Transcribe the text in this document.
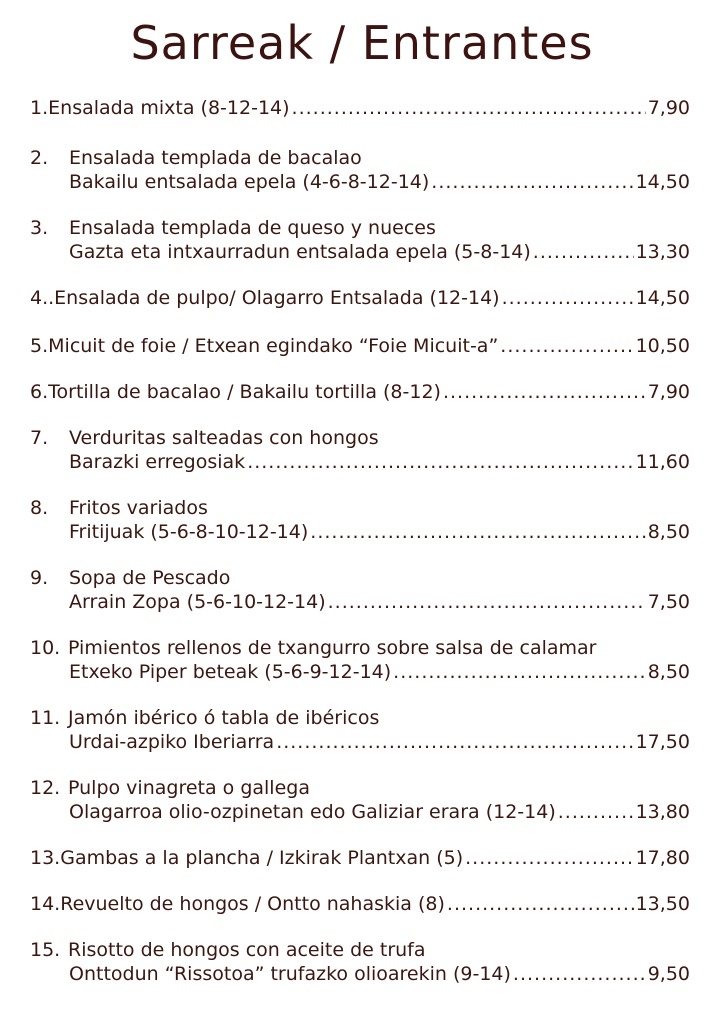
Sarreak / Entrantes
1. Ensalada mixta (8-12-14) .....	7,90
2.	Ensalada templada de bacalao
Bakailu entsalada epela (4-6-8-12-14) .....	14,50
3.	Ensalada templada de queso y nueces
Gazta eta intxaurradun entsalada epela (5-8-14) .....	13,30
4.. Ensalada de pulpo/ Olagarro Entsalada (12-14) .....	14,50
5. Micuit de foie / Etxean egindako “Foie Micuit-a” .....	10,50
6. Tortilla de bacalao / Bakailu tortilla (8-12) .....	7,90
7.	Verduritas salteadas con hongos
Barazki erregosiak .....	11,60
8.	Fritos variados
Fritijuak (5-6-8-10-12-14) .....	8,50
9.	Sopa de Pescado
Arrain Zopa (5-6-10-12-14) .....	7,50
10. Pimientos rellenos de txangurro sobre salsa de calamar
Etxeko Piper beteak (5-6-9-12-14) .....	8,50
11. Jamón ibérico ó tabla de ibéricos
Urdai-azpiko Iberiarra .....	17,50
12. Pulpo vinagreta o gallega
Olagarroa olio-ozpinetan edo Galiziar erara (12-14) .....	13,80
13. Gambas a la plancha / Izkirak Plantxan (5) .....	17,80
14. Revuelto de hongos / Ontto nahaskia (8) .....	13,50
15. Risotto de hongos con aceite de trufa
Onttodun “Rissotoa” trufazko olioarekin (9-14) .....	9,50
